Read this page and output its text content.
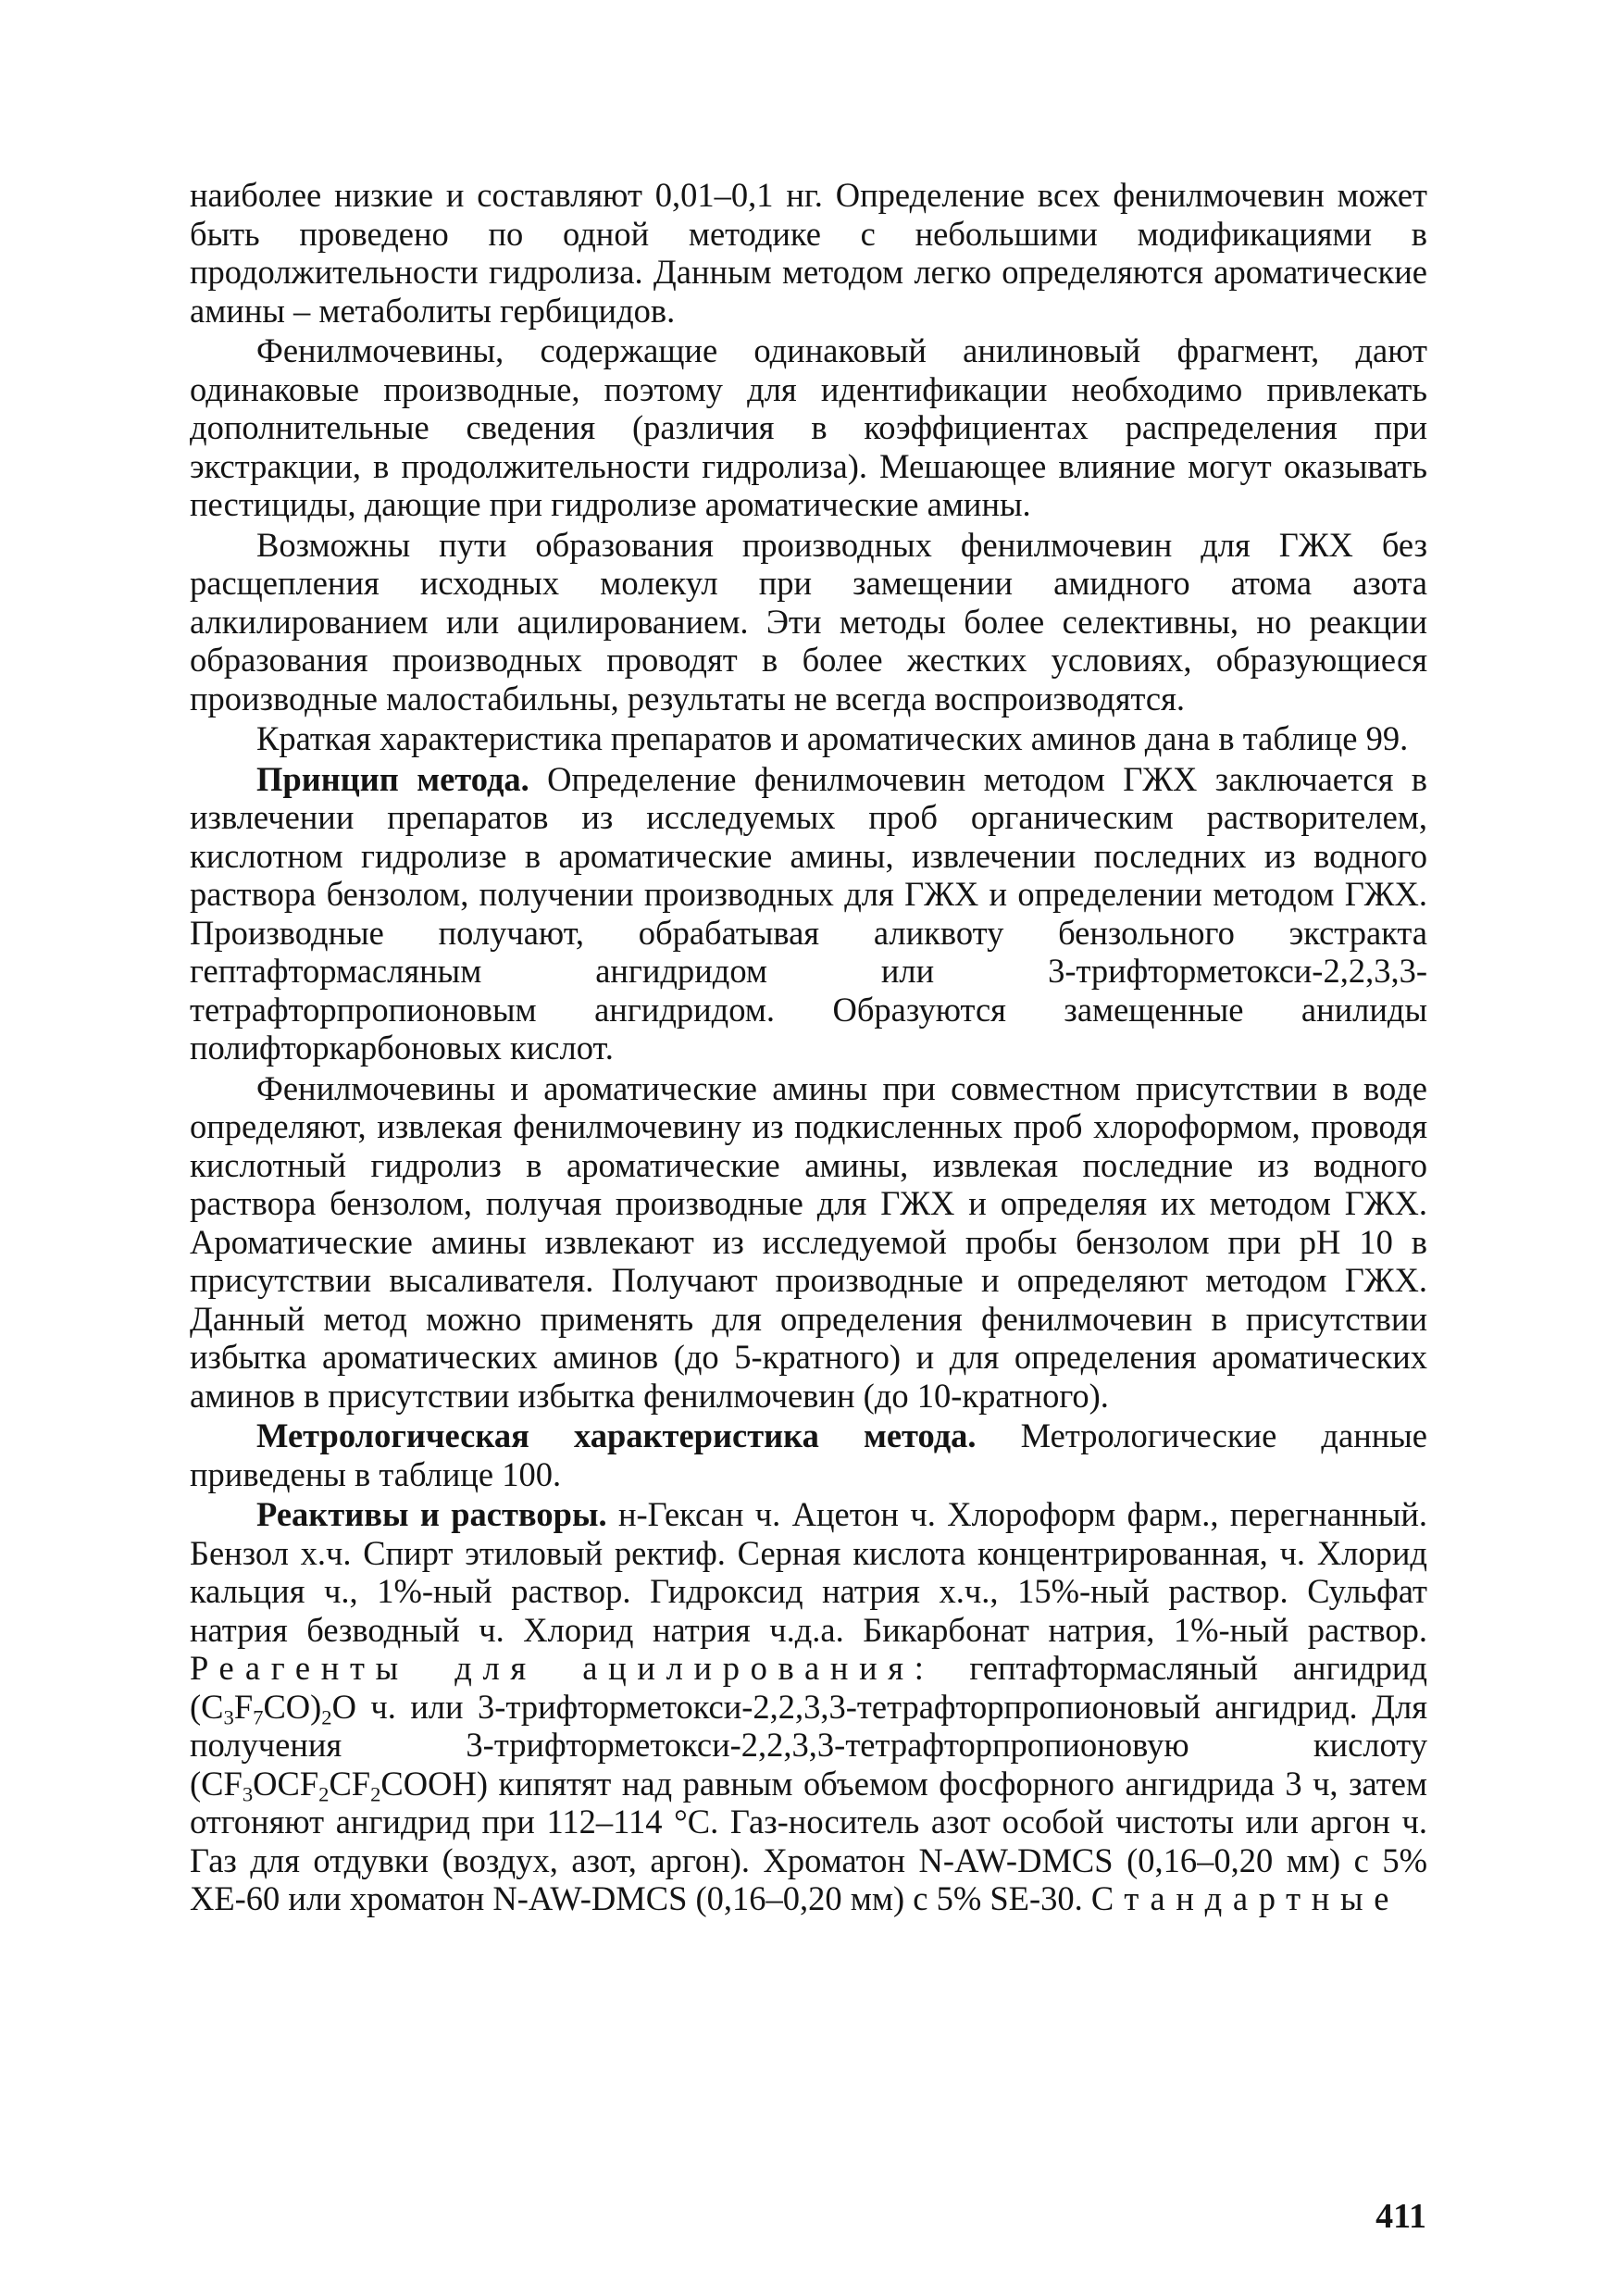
наиболее низкие и составляют 0,01–0,1 нг. Определение всех фенилмочевин может быть проведено по одной методике с небольшими модификациями в продолжительности гидролиза. Данным методом легко определяются ароматические амины – метаболиты гербицидов.

Фенилмочевины, содержащие одинаковый анилиновый фрагмент, дают одинаковые производные, поэтому для идентификации необходимо привлекать дополнительные сведения (различия в коэффициентах распределения при экстракции, в продолжительности гидролиза). Мешающее влияние могут оказывать пестициды, дающие при гидролизе ароматические амины.

Возможны пути образования производных фенилмочевин для ГЖХ без расщепления исходных молекул при замещении амидного атома азота алкилированием или ацилированием. Эти методы более селективны, но реакции образования производных проводят в более жестких условиях, образующиеся производные малостабильны, результаты не всегда воспроизводятся.

Краткая характеристика препаратов и ароматических аминов дана в таблице 99.

Принцип метода. Определение фенилмочевин методом ГЖХ заключается в извлечении препаратов из исследуемых проб органическим растворителем, кислотном гидролизе в ароматические амины, извлечении последних из водного раствора бензолом, получении производных для ГЖХ и определении методом ГЖХ. Производные получают, обрабатывая аликвоту бензольного экстракта гептафтормасляным ангидридом или 3-трифторметокси-2,2,3,3-тетрафторпропионовым ангидридом. Образуются замещенные анилиды полифторкарбоновых кислот.

Фенилмочевины и ароматические амины при совместном присутствии в воде определяют, извлекая фенилмочевину из подкисленных проб хлороформом, проводя кислотный гидролиз в ароматические амины, извлекая последние из водного раствора бензолом, получая производные для ГЖХ и определяя их методом ГЖХ. Ароматические амины извлекают из исследуемой пробы бензолом при pH 10 в присутствии высаливателя. Получают производные и определяют методом ГЖХ. Данный метод можно применять для определения фенилмочевин в присутствии избытка ароматических аминов (до 5-кратного) и для определения ароматических аминов в присутствии избытка фенилмочевин (до 10-кратного).

Метрологическая характеристика метода. Метрологические данные приведены в таблице 100.

Реактивы и растворы. н-Гексан ч. Ацетон ч. Хлороформ фарм., перегнанный. Бензол х.ч. Спирт этиловый ректиф. Серная кислота концентрированная, ч. Хлорид кальция ч., 1%-ный раствор. Гидроксид натрия х.ч., 15%-ный раствор. Сульфат натрия безводный ч. Хлорид натрия ч.д.а. Бикарбонат натрия, 1%-ный раствор. Реагенты для ацилирования: гептафтормасляный ангидрид $(C_3F_7CO)_2O$ ч. или 3-трифторметокси-2,2,3,3-тетрафторпропионовый ангидрид. Для получения 3-трифторметокси-2,2,3,3-тетрафторпропионовую кислоту $(CF_3OCF_2CF_2COOH)$ кипятят над равным объемом фосфорного ангидрида 3 ч, затем отгоняют ангидрид при 112–114 °C. Газ-носитель азот особой чистоты или аргон ч. Газ для отдувки (воздух, азот, аргон). Хроматон N-AW-DMCS (0,16–0,20 мм) с 5% XE-60 или хроматон N-AW-DMCS (0,16–0,20 мм) с 5% SE-30. Стандартные

411
